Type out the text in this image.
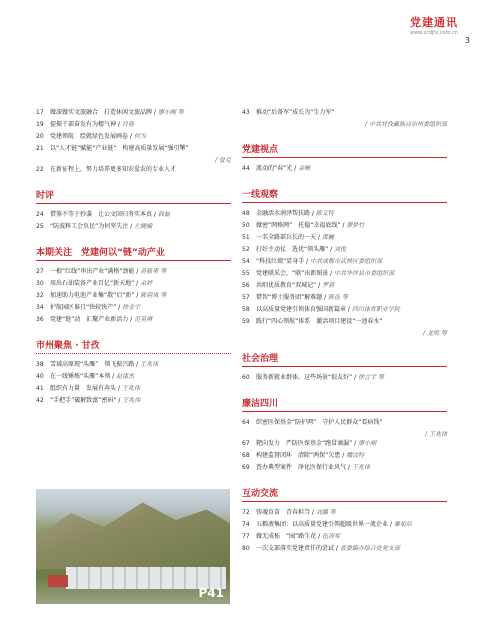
党建通讯
www.scdjtx.com.cn
3
17 做深做实文旅融合　打造休闲文旅品牌 / 廖小刚 等
19 提振干部奋发有为精气神 / 肖春
20 党建领航　绘就绿色发展画卷 / 何为
21 以“人才链”赋能“产业链”　构建高质量发展“强引擎”
/ 曾克
22 在新征程上，努力培养更多知农爱农的专业人才
时评
24 借鉴不等于抄袭　让公文回归务实本真 / 韩磊
25 “防波粹工会负民”为何坚失注 / 左腾骗
本期关注　党建何以“链”动产业
27 一根“红线”串出产业“满格”劲能 / 蒋筱勇 等
30 用出石油装备产业百亿“新天地” / 余婷
32 加速助力电池产业集“散”启“新” / 陈碧岚 等
34 护航园区谁且“快较快产” / 徐金宇
36 党建“链”动　汇聚产业新活力 / 范昊琪
市州聚焦 · 甘孜
38 雪域高原现“头雁”　领飞振兴路 / 王兆伟
40 在一线锤炼“头雁”本领 / 赵漆杰
41 组织有力量　发展有奔头 / 王兆伟
42 “手把手”破解致富“密码” / 王兆伟
P41
43 推动“后备军”成长为“生力军”
/ 中共甘孜藏族自治州委组织部
党建视点
44 流动的“春”光 / 余晰
一线观察
48 金融活水润泽帮扶路 / 陈艾特
50 做密“网格网”　托稳“幸福底线” / 廖梦竹
51 一名全路部兵长的一天 / 黄巍
52 打好主动仗　选优“领头雁” / 刘俊
54 “科技红娘”显身手 / 中共成都市武侯区委组织部
55 党建联采会，“联”出新图景 / 中共华坪县市委组织部
56 共唱优质教育“双城记” / 罗碧
57 借智“博士服务团”解难题 / 陈佳 等
58 以高质量党建引领体育强国新篇章 / 四川体育职业学院
59 践行“四心领航”体系　激活项目建设“一池春水”
/ 龙鸣 等
社会治理
60 服务新就业群体，这些场景“很友好” / 徐言宇 等
廉洁四川
64 织密医保基金“防护网”　守护人民群众“看病钱”
/ 王兆伟
67 靶向发力　严防医保基金“跑冒滴漏” / 廖小刚
68 构建监督闭环　清除“两保”欠患 / 魏汶特
69 查办典型案件　净化医保行业风气 / 王兆伟
互动交流
72 铸魂育苗　青春担当 / 刘璐 等
74 五粮液集团：以高质量党建引领超级世界一流企业 / 秦旭培
77 做无成柘　“园”路生花 / 伍涛军
80 一次支部落实党建责任的尝试 / 省委编办综合处党支部
